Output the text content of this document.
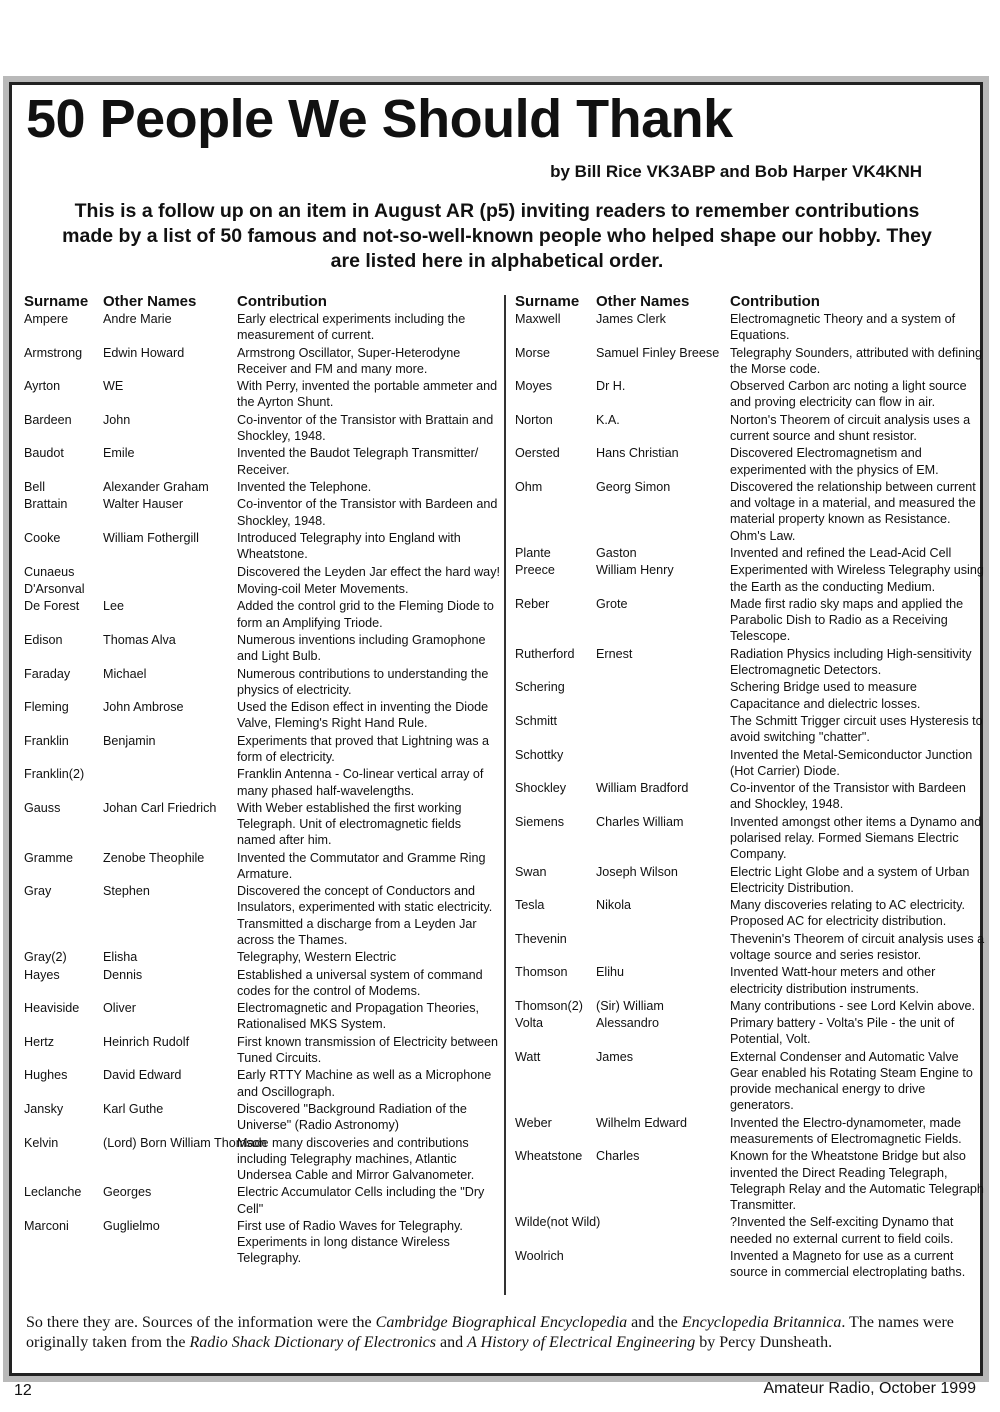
50 People We Should Thank

by Bill Rice VK3ABP and Bob Harper VK4KNH

This is a follow up on an item in August AR (p5) inviting readers to remember contributions made by a list of 50 famous and not-so-well-known people who helped shape our hobby. They are listed here in alphabetical order.

Surname	Other Names	Contribution
Ampere	Andre Marie	Early electrical experiments including the measurement of current.
Armstrong	Edwin Howard	Armstrong Oscillator, Super-Heterodyne Receiver and FM and many more.
Ayrton	WE	With Perry, invented the portable ammeter and the Ayrton Shunt.
Bardeen	John	Co-inventor of the Transistor with Brattain and Shockley, 1948.
Baudot	Emile	Invented the Baudot Telegraph Transmitter/ Receiver.
Bell	Alexander Graham	Invented the Telephone.
Brattain	Walter Hauser	Co-inventor of the Transistor with Bardeen and Shockley, 1948.
Cooke	William Fothergill	Introduced Telegraphy into England with Wheatstone.
Cunaeus		Discovered the Leyden Jar effect the hard way!
D'Arsonval		Moving-coil Meter Movements.
De Forest	Lee	Added the control grid to the Fleming Diode to form an Amplifying Triode.
Edison	Thomas Alva	Numerous inventions including Gramophone and Light Bulb.
Faraday	Michael	Numerous contributions to understanding the physics of electricity.
Fleming	John Ambrose	Used the Edison effect in inventing the Diode Valve, Fleming's Right Hand Rule.
Franklin	Benjamin	Experiments that proved that Lightning was a form of electricity.
Franklin(2)		Franklin Antenna - Co-linear vertical array of many phased half-wavelengths.
Gauss	Johan Carl Friedrich	With Weber established the first working Telegraph. Unit of electromagnetic fields named after him.
Gramme	Zenobe Theophile	Invented the Commutator and Gramme Ring Armature.
Gray	Stephen	Discovered the concept of Conductors and Insulators, experimented with static electricity. Transmitted a discharge from a Leyden Jar across the Thames.
Gray(2)	Elisha	Telegraphy, Western Electric
Hayes	Dennis	Established a universal system of command codes for the control of Modems.
Heaviside	Oliver	Electromagnetic and Propagation Theories, Rationalised MKS System.
Hertz	Heinrich Rudolf	First known transmission of Electricity between Tuned Circuits.
Hughes	David Edward	Early RTTY Machine as well as a Microphone and Oscillograph.
Jansky	Karl Guthe	Discovered "Background Radiation of the Universe" (Radio Astronomy)
Kelvin	(Lord) Born William Thomson	Made many discoveries and contributions including Telegraphy machines, Atlantic Undersea Cable and Mirror Galvanometer.
Leclanche	Georges	Electric Accumulator Cells including the "Dry Cell"
Marconi	Guglielmo	First use of Radio Waves for Telegraphy. Experiments in long distance Wireless Telegraphy.
Surname	Other Names	Contribution
Maxwell	James Clerk	Electromagnetic Theory and a system of Equations.
Morse	Samuel Finley Breese	Telegraphy Sounders, attributed with defining the Morse code.
Moyes	Dr H.	Observed Carbon arc noting a light source and proving electricity can flow in air.
Norton	K.A.	Norton's Theorem of circuit analysis uses a current source and shunt resistor.
Oersted	Hans Christian	Discovered Electromagnetism and experimented with the physics of EM.
Ohm	Georg Simon	Discovered the relationship between current and voltage in a material, and measured the material property known as Resistance. Ohm's Law.
Plante	Gaston	Invented and refined the Lead-Acid Cell
Preece	William Henry	Experimented with Wireless Telegraphy using the Earth as the conducting Medium.
Reber	Grote	Made first radio sky maps and applied the Parabolic Dish to Radio as a Receiving Telescope.
Rutherford	Ernest	Radiation Physics including High-sensitivity Electromagnetic Detectors.
Schering		Schering Bridge used to measure Capacitance and dielectric losses.
Schmitt		The Schmitt Trigger circuit uses Hysteresis to avoid switching "chatter".
Schottky		Invented the Metal-Semiconductor Junction (Hot Carrier) Diode.
Shockley	William Bradford	Co-inventor of the Transistor with Bardeen and Shockley, 1948.
Siemens	Charles William	Invented amongst other items a Dynamo and polarised relay. Formed Siemans Electric Company.
Swan	Joseph Wilson	Electric Light Globe and a system of Urban Electricity Distribution.
Tesla	Nikola	Many discoveries relating to AC electricity. Proposed AC for electricity distribution.
Thevenin		Thevenin's Theorem of circuit analysis uses a voltage source and series resistor.
Thomson	Elihu	Invented Watt-hour meters and other electricity distribution instruments.
Thomson(2)	(Sir) William	Many contributions - see Lord Kelvin above.
Volta	Alessandro	Primary battery - Volta's Pile - the unit of Potential, Volt.
Watt	James	External Condenser and Automatic Valve Gear enabled his Rotating Steam Engine to provide mechanical energy to drive generators.
Weber	Wilhelm Edward	Invented the Electro-dynamometer, made measurements of Electromagnetic Fields.
Wheatstone	Charles	Known for the Wheatstone Bridge but also invented the Direct Reading Telegraph, Telegraph Relay and the Automatic Telegraph Transmitter.
Wilde(not Wild)		?Invented the Self-exciting Dynamo that needed no external current to field coils.
Woolrich		Invented a Magneto for use as a current source in commercial electroplating baths.

So there they are. Sources of the information were the Cambridge Biographical Encyclopedia and the Encyclopedia Britannica. The names were originally taken from the Radio Shack Dictionary of Electronics and A History of Electrical Engineering by Percy Dunsheath.

12	Amateur Radio, October 1999
